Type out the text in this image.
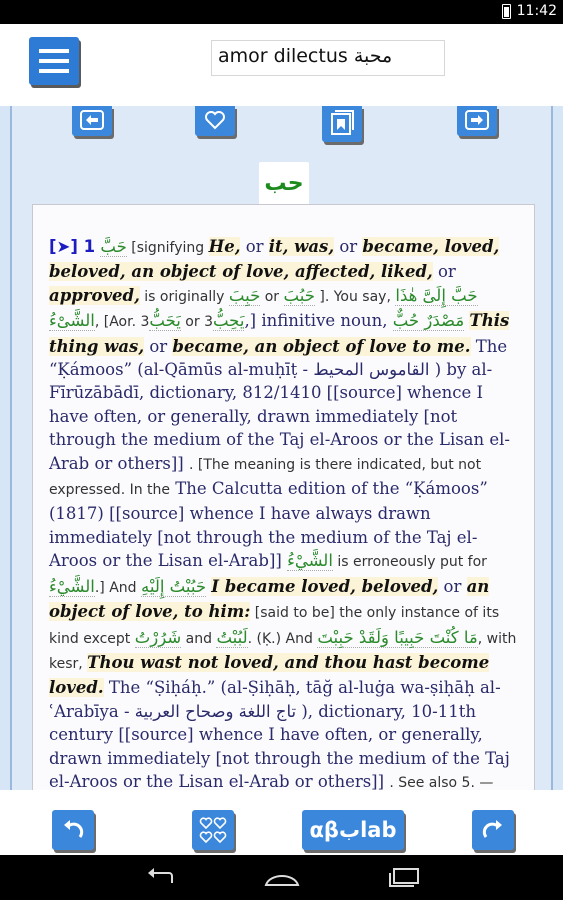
11:42
amor dilectus محبة
حب

[➤] 1 حَبَّ [signifying He, or it, was, or became, loved, beloved, an object of love, affected, liked, or approved, is originally حَبِبَ or حَبُبَ ]. You say, حَبَّ إِلَىَّ هٰذَا الشَّىْءُ, [Aor. 3يَحَبُّ or 3يَحِبُّ,] infinitive noun, مَصْدَرٌ حُبٌّ This thing was, or became, an object of love to me. The “Ḳámoos” (al-Qāmūs al-muḥīṭ - القاموس المحيط ) by al-Fīrūzābādī, dictionary, 812/1410 [[source] whence I have often, or generally, drawn immediately [not through the medium of the Taj el-Aroos or the Lisan el-Arab or others]] . [The meaning is there indicated, but not expressed. In the The Calcutta edition of the “Ḳámoos” (1817) [[source] whence I have always drawn immediately [not through the medium of the Taj el-Aroos or the Lisan el-Arab]] الشَّيْءُ is erroneously put for الشَّيْءُ.] And حَبُبْتُ إِلَيْهِ I became loved, beloved, or an object of love, to him: [said to be] the only instance of its kind except شَرُرْتُ and لَبُبْتُ. (Ḳ.) And مَا كُنْتَ حَبِيبًا وَلَقَدْ حَبِبْتَ, with kesr, Thou wast not loved, and thou hast become loved. The “Ṣiḥáḥ.” (al-Ṣiḥāḥ, tāğ al-luġa wa-ṣiḥāḥ al-ʿArabīya - تاج اللغة وصحاح العربية ), dictionary, 10-11th century [[source] whence I have often, or generally, drawn immediately [not through the medium of the Taj el-Aroos or the Lisan el-Arab or others]] . See also 5. —

αβبlab
